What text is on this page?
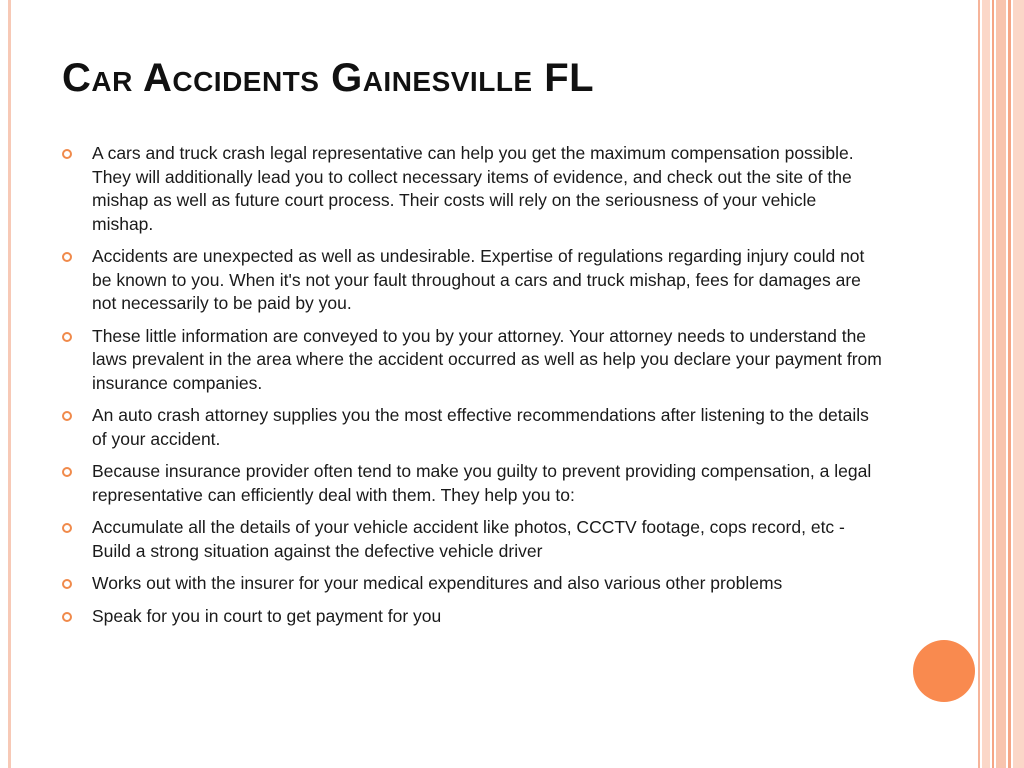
Car Accidents Gainesville FL
A cars and truck crash legal representative can help you get the maximum compensation possible. They will additionally lead you to collect necessary items of evidence, and check out the site of the mishap as well as future court process. Their costs will rely on the seriousness of your vehicle mishap.
Accidents are unexpected as well as undesirable. Expertise of regulations regarding injury could not be known to you. When it's not your fault throughout a cars and truck mishap, fees for damages are not necessarily to be paid by you.
These little information are conveyed to you by your attorney. Your attorney needs to understand the laws prevalent in the area where the accident occurred as well as help you declare your payment from insurance companies.
An auto crash attorney supplies you the most effective recommendations after listening to the details of your accident.
Because insurance provider often tend to make you guilty to prevent providing compensation, a legal representative can efficiently deal with them. They help you to:
Accumulate all the details of your vehicle accident like photos, CCCTV footage, cops record, etc - Build a strong situation against the defective vehicle driver
Works out with the insurer for your medical expenditures and also various other problems
Speak for you in court to get payment for you
